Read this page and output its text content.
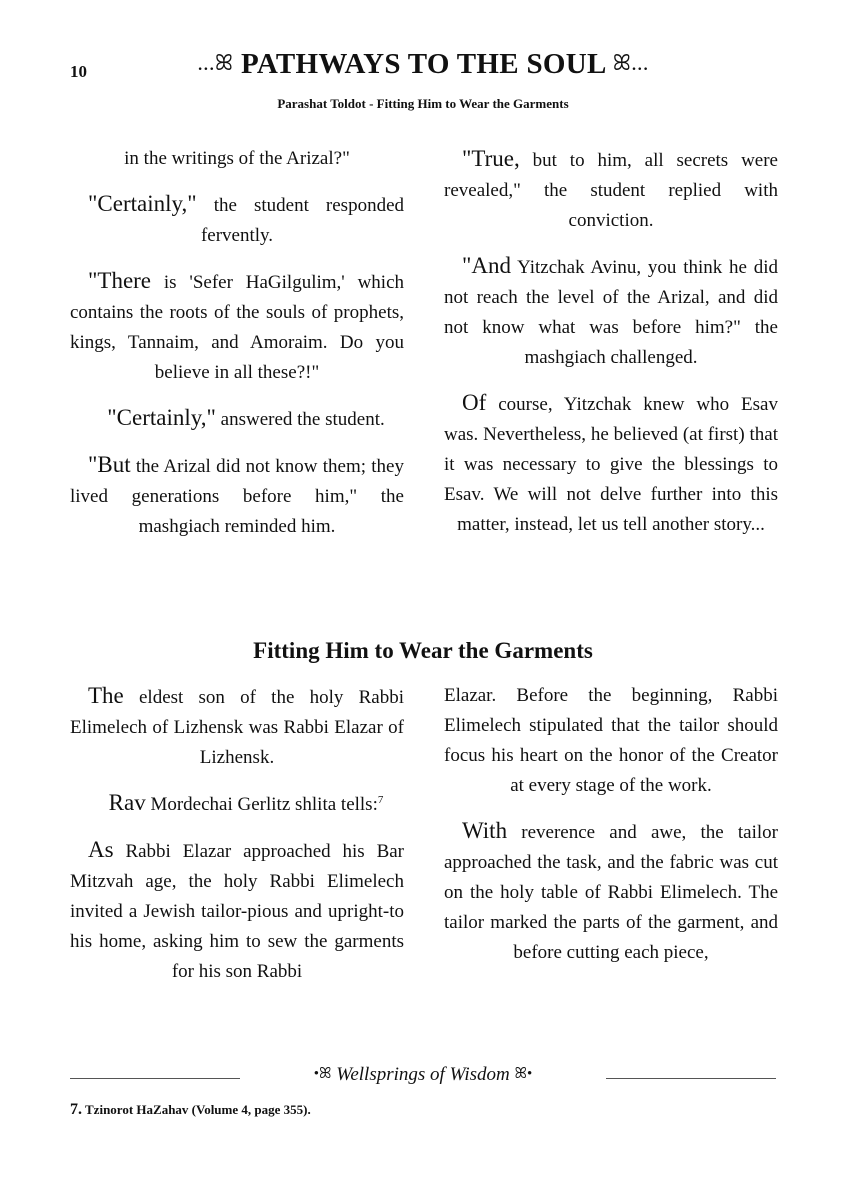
10	...ꕤ PATHWAYS TO THE SOUL ꕤ...
Parashat Toldot - Fitting Him to Wear the Garments

in the writings of the Arizal?"

"Certainly," the student responded fervently.

"There is 'Sefer HaGilgulim,' which contains the roots of the souls of prophets, kings, Tannaim, and Amoraim. Do you believe in all these?!"

"Certainly," answered the student.

"But the Arizal did not know them; they lived generations before him," the mashgiach reminded him.

"True, but to him, all secrets were revealed," the student replied with conviction.

"And Yitzchak Avinu, you think he did not reach the level of the Arizal, and did not know what was before him?" the mashgiach challenged.

Of course, Yitzchak knew who Esav was. Nevertheless, he believed (at first) that it was necessary to give the blessings to Esav. We will not delve further into this matter, instead, let us tell another story...

Fitting Him to Wear the Garments

The eldest son of the holy Rabbi Elimelech of Lizhensk was Rabbi Elazar of Lizhensk.

Rav Mordechai Gerlitz shlita tells:$^7$

As Rabbi Elazar approached his Bar Mitzvah age, the holy Rabbi Elimelech invited a Jewish tailor-pious and upright-to his home, asking him to sew the garments for his son Rabbi

Elazar. Before the beginning, Rabbi Elimelech stipulated that the tailor should focus his heart on the honor of the Creator at every stage of the work.

With reverence and awe, the tailor approached the task, and the fabric was cut on the holy table of Rabbi Elimelech. The tailor marked the parts of the garment, and before cutting each piece,

•ꕤ Wellsprings of Wisdom ꕤ•
7. Tzinorot HaZahav (Volume 4, page 355).
